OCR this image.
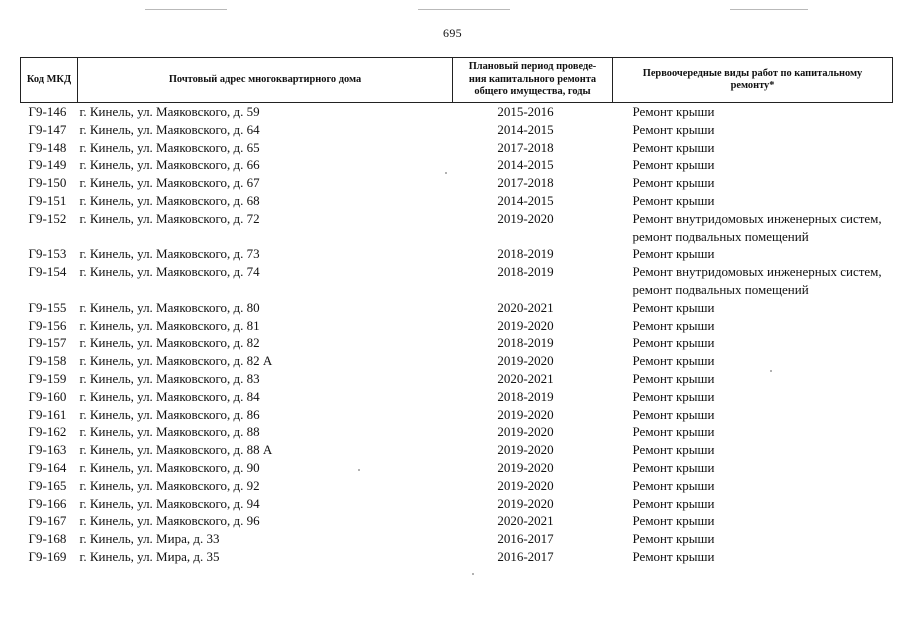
695
Код МКД	Почтовый адрес многоквартирного дома	Плановый период проведе-
ния капитального ремонта
общего имущества, годы	Первоочередные виды работ по капитальному
ремонту*

Г9-146	г. Кинель, ул. Маяковского, д. 59	2015-2016	Ремонт крыши

Г9-147	г. Кинель, ул. Маяковского, д. 64	2014-2015	Ремонт крыши

Г9-148	г. Кинель, ул. Маяковского, д. 65	2017-2018	Ремонт крыши

Г9-149	г. Кинель, ул. Маяковского, д. 66	2014-2015	Ремонт крыши

Г9-150	г. Кинель, ул. Маяковского, д. 67	2017-2018	Ремонт крыши

Г9-151	г. Кинель, ул. Маяковского, д. 68	2014-2015	Ремонт крыши

Г9-152	г. Кинель, ул. Маяковского, д. 72	2019-2020	Ремонт внутридомовых инженерных систем,
ремонт подвальных помещений

Г9-153	г. Кинель, ул. Маяковского, д. 73	2018-2019	Ремонт крыши

Г9-154	г. Кинель, ул. Маяковского, д. 74	2018-2019	Ремонт внутридомовых инженерных систем,
ремонт подвальных помещений

Г9-155	г. Кинель, ул. Маяковского, д. 80	2020-2021	Ремонт крыши

Г9-156	г. Кинель, ул. Маяковского, д. 81	2019-2020	Ремонт крыши

Г9-157	г. Кинель, ул. Маяковского, д. 82	2018-2019	Ремонт крыши

Г9-158	г. Кинель, ул. Маяковского, д. 82 А	2019-2020	Ремонт крыши

Г9-159	г. Кинель, ул. Маяковского, д. 83	2020-2021	Ремонт крыши

Г9-160	г. Кинель, ул. Маяковского, д. 84	2018-2019	Ремонт крыши

Г9-161	г. Кинель, ул. Маяковского, д. 86	2019-2020	Ремонт крыши

Г9-162	г. Кинель, ул. Маяковского, д. 88	2019-2020	Ремонт крыши

Г9-163	г. Кинель, ул. Маяковского, д. 88 А	2019-2020	Ремонт крыши

Г9-164	г. Кинель, ул. Маяковского, д. 90	2019-2020	Ремонт крыши

Г9-165	г. Кинель, ул. Маяковского, д. 92	2019-2020	Ремонт крыши

Г9-166	г. Кинель, ул. Маяковского, д. 94	2019-2020	Ремонт крыши

Г9-167	г. Кинель, ул. Маяковского, д. 96	2020-2021	Ремонт крыши

Г9-168	г. Кинель, ул. Мира, д. 33	2016-2017	Ремонт крыши

Г9-169	г. Кинель, ул. Мира, д. 35	2016-2017	Ремонт крыши
